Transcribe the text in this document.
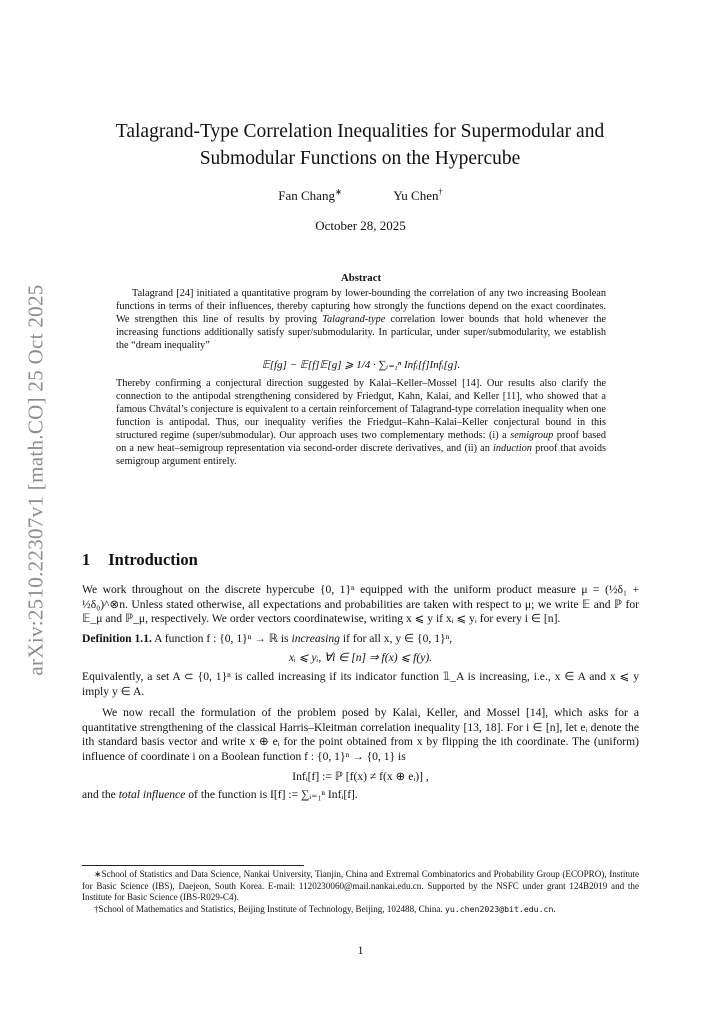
arXiv:2510.22307v1 [math.CO] 25 Oct 2025
Talagrand-Type Correlation Inequalities for Supermodular and
Submodular Functions on the Hypercube
Fan Chang∗	Yu Chen†
October 28, 2025
Abstract

Talagrand [24] initiated a quantitative program by lower-bounding the correlation of any two increasing Boolean functions in terms of their influences, thereby capturing how strongly the functions depend on the exact coordinates. We strengthen this line of results by proving Talagrand-type correlation lower bounds that hold whenever the increasing functions additionally satisfy super/submodularity. In particular, under super/submodularity, we establish the “dream inequality”

𝔼[fg] − 𝔼[f]𝔼[g] ⩾ 1/4 · ∑ᵢ₌₁ⁿ Infᵢ[f]Infᵢ[g].

Thereby confirming a conjectural direction suggested by Kalai–Keller–Mossel [14]. Our results also clarify the connection to the antipodal strengthening considered by Friedgut, Kahn, Kalai, and Keller [11], who showed that a famous Chvátal’s conjecture is equivalent to a certain reinforcement of Talagrand-type correlation inequality when one function is antipodal. Thus, our inequality verifies the Friedgut–Kahn–Kalai–Keller conjectural bound in this structured regime (super/submodular). Our approach uses two complementary methods: (i) a semigroup proof based on a new heat–semigroup representation via second-order discrete derivatives, and (ii) an induction proof that avoids semigroup argument entirely.

1 Introduction

We work throughout on the discrete hypercube {0, 1}ⁿ equipped with the uniform product measure μ = (½δ₁ + ½δ₀)^⊗n. Unless stated otherwise, all expectations and probabilities are taken with respect to μ; we write 𝔼 and ℙ for 𝔼_μ and ℙ_μ, respectively. We order vectors coordinatewise, writing x ⩽ y if xᵢ ⩽ yᵢ for every i ∈ [n].

Definition 1.1. A function f : {0, 1}ⁿ → ℝ is increasing if for all x, y ∈ {0, 1}ⁿ,

xᵢ ⩽ yᵢ, ∀i ∈ [n] ⇒ f(x) ⩽ f(y).

Equivalently, a set A ⊂ {0, 1}ⁿ is called increasing if its indicator function 𝟙_A is increasing, i.e., x ∈ A and x ⩽ y imply y ∈ A.

We now recall the formulation of the problem posed by Kalai, Keller, and Mossel [14], which asks for a quantitative strengthening of the classical Harris–Kleitman correlation inequality [13, 18]. For i ∈ [n], let eᵢ denote the ith standard basis vector and write x ⊕ eᵢ for the point obtained from x by flipping the ith coordinate. The (uniform) influence of coordinate i on a Boolean function f : {0, 1}ⁿ → {0, 1} is

Infᵢ[f] := ℙ [f(x) ≠ f(x ⊕ eᵢ)] ,

and the total influence of the function is I[f] := ∑ᵢ₌₁ⁿ Infᵢ[f].

∗School of Statistics and Data Science, Nankai University, Tianjin, China and Extremal Combinatorics and Probability Group (ECOPRO), Institute for Basic Science (IBS), Daejeon, South Korea. E-mail: 1120230060@mail.nankai.edu.cn. Supported by the NSFC under grant 124B2019 and the Institute for Basic Science (IBS-R029-C4).

†School of Mathematics and Statistics, Beijing Institute of Technology, Beijing, 102488, China. yu.chen2023@bit.edu.cn.

1
